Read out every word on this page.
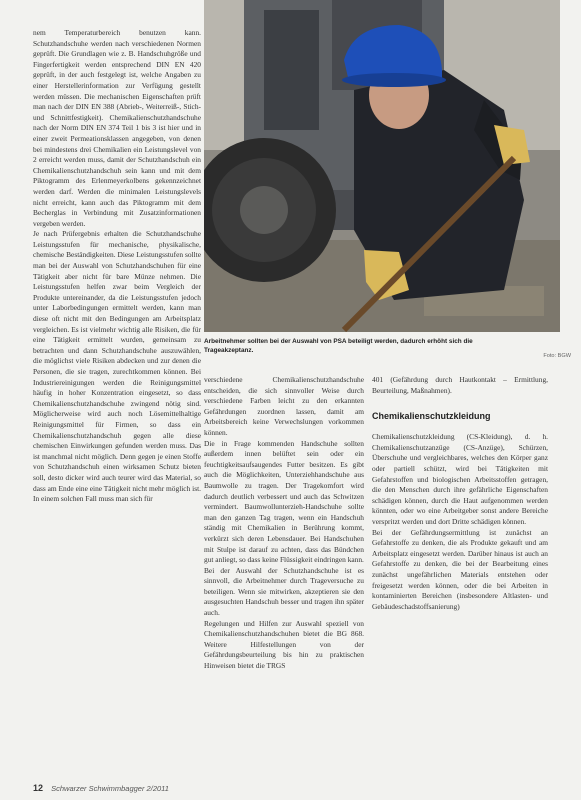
nem Temperaturbereich benutzen kann. Schutzhandschuhe werden nach verschiedenen Normen geprüft. Die Grundlagen wie z. B. Handschuhgröße und Fingerfertigkeit werden entsprechend DIN EN 420 geprüft, in der auch festgelegt ist, welche Angaben zu einer Herstellerinformation zur Verfügung gestellt werden müssen. Die mechanischen Eigenschaften prüft man nach der DIN EN 388 (Abrieb-, Weiterreiß-, Stich- und Schnittfestigkeit). Chemikalienschutzhandschuhe nach der Norm DIN EN 374 Teil 1 bis 3 ist hier und in einer zweit Permeationsklassen angegeben, von denen bei mindestens drei Chemikalien ein Leistungslevel von 2 erreicht werden muss, damit der Schutzhandschuh ein Chemikalienschutzhandschuh sein kann und mit dem Piktogramm des Erlenmeyerkolbens gekennzeichnet werden darf. Werden die minimalen Leistungslevels nicht erreicht, kann auch das Piktogramm mit dem Becherglas in Verbindung mit Zusatzinformationen vergeben werden.

Je nach Prüfergebnis erhalten die Schutzhandschuhe Leistungsstufen für mechanische, physikalische, chemische Beständigkeiten. Diese Leistungsstufen sollte man bei der Auswahl von Schutzhandschuhen für eine Tätigkeit aber nicht für bare Münze nehmen. Die Leistungsstufen helfen zwar beim Vergleich der Produkte untereinander, da die Leistungsstufen jedoch unter Laborbedingungen ermittelt werden, kann man diese oft nicht mit den Bedingungen am Arbeitsplatz vergleichen. Es ist vielmehr wichtig alle Risiken, die für eine Tätigkeit ermittelt wurden, gemeinsam zu betrachten und dann Schutzhandschuhe auszuwählen, die möglichst viele Risiken abdecken und zur denen die Personen, die sie tragen, zurechtkommen können. Bei Industriereinigungen werden die Reinigungsmittel häufig in hoher Konzentration eingesetzt, so dass Chemikalienschutzhandschuhe zwingend nötig sind. Möglicherweise wird auch noch Lösemittelhaltige Reinigungsmittel für Firmen, so dass ein Chemikalienschutzhandschuh gegen alle diese chemischen Einwirkungen gefunden werden muss. Das ist manchmal nicht möglich. Denn gegen je einen Stoffe von Schutzhandschuh einen wirksamen Schutz bieten soll, desto dicker wird auch teurer wird das Material, so dass am Ende eine eine Tätigkeit nicht mehr möglich ist. In einem solchen Fall muss man sich für

Arbeitnehmer sollten bei der Auswahl von PSA beteiligt werden, dadurch erhöht sich die Trageakzeptanz.
Foto: BGW

verschiedene Chemikalienschutzhandschuhe entscheiden, die sich sinnvoller Weise durch verschiedene Farben leicht zu den erkannten Gefährdungen zuordnen lassen, damit am Arbeitsbereich keine Verwechslungen vorkommen können.

Die in Frage kommenden Handschuhe sollten außerdem innen belüftet sein oder ein feuchtigkeitsaufsaugendes Futter besitzen. Es gibt auch die Möglichkeiten, Unterziehhandschuhe aus Baumwolle zu tragen. Der Tragekomfort wird dadurch deutlich verbessert und auch das Schwitzen vermindert. Baumwollunterzieh-Handschuhe sollte man den ganzen Tag tragen, wenn ein Handschuh ständig mit Chemikalien in Berührung kommt, verkürzt sich deren Lebensdauer. Bei Handschuhen mit Stulpe ist darauf zu achten, dass das Bündchen gut anliegt, so dass keine Flüssigkeit eindringen kann.

Bei der Auswahl der Schutzhandschuhe ist es sinnvoll, die Arbeitnehmer durch Trageversuche zu beteiligen. Wenn sie mitwirken, akzeptieren sie den ausgesuchten Handschuh besser und tragen ihn später auch.

Regelungen und Hilfen zur Auswahl speziell von Chemikalienschutzhandschuhen bietet die BG 868. Weitere Hilfestellungen von der Gefährdungsbeurteilung bis hin zu praktischen Hinweisen bietet die TRGS

401 (Gefährdung durch Hautkontakt – Ermittlung, Beurteilung, Maßnahmen).

Chemikalienschutzkleidung

Chemikalienschutzkleidung (CS-Kleidung), d. h. Chemikalienschutzanzüge (CS-Anzüge), Schürzen, Überschuhe und vergleichbares, welches den Körper ganz oder partiell schützt, wird bei Tätigkeiten mit Gefahrstoffen und biologischen Arbeitsstoffen getragen, die den Menschen durch ihre gefährliche Eigenschaften schädigen können, durch die Haut aufgenommen werden könnten, oder wo eine Arbeitgeber sonst andere Bereiche verspritzt werden und dort Dritte schädigen können.

Bei der Gefährdungsermittlung ist zunächst an Gefahrstoffe zu denken, die als Produkte gekauft und am Arbeitsplatz eingesetzt werden. Darüber hinaus ist auch an Gefahrstoffe zu denken, die bei der Bearbeitung eines zunächst ungefährlichen Materials entstehen oder freigesetzt werden können, oder die bei Arbeiten in kontaminierten Bereichen (insbesondere Altlasten- und Gebäudeschadstoffsanierung)

12 Schwarzer Schwimmbagger 2/2011
